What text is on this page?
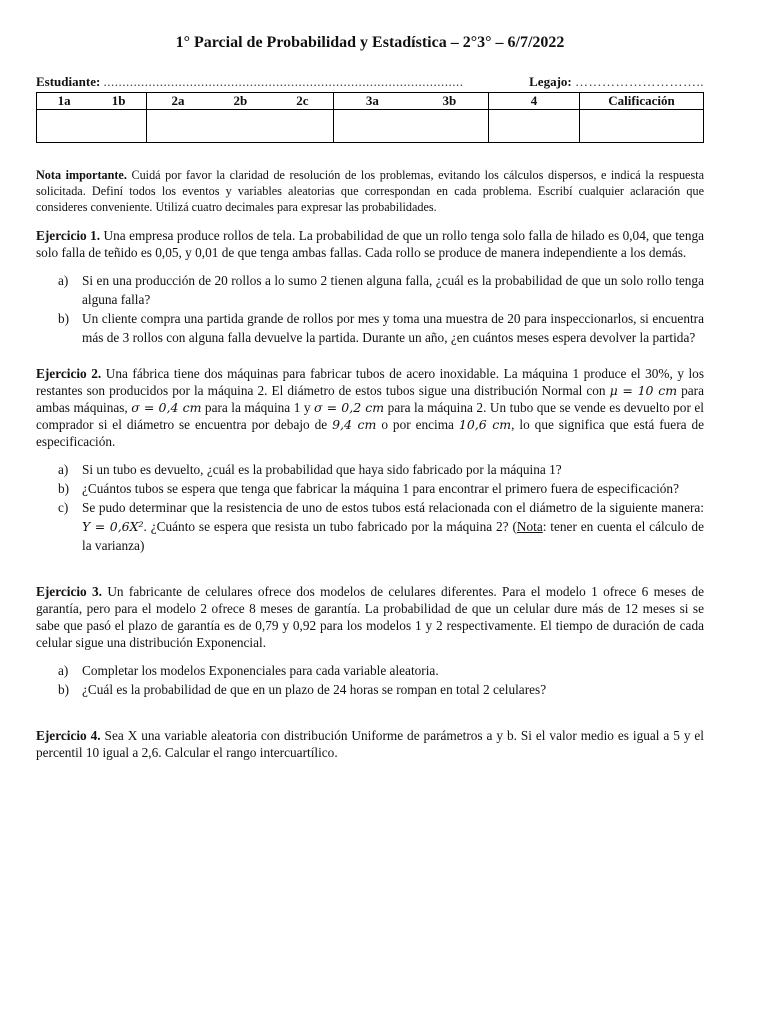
1° Parcial de Probabilidad y Estadística – 2°3° – 6/7/2022
Estudiante: ................................................................................................	Legajo: ………………………..
1a 1b	2a 2b 2c	3a 3b	4	Calificación

Nota importante. Cuidá por favor la claridad de resolución de los problemas, evitando los cálculos dispersos, e indicá la respuesta solicitada. Definí todos los eventos y variables aleatorias que correspondan en cada problema. Escribí cualquier aclaración que consideres conveniente. Utilizá cuatro decimales para expresar las probabilidades.

Ejercicio 1. Una empresa produce rollos de tela. La probabilidad de que un rollo tenga solo falla de hilado es 0,04, que tenga solo falla de teñido es 0,05, y 0,01 de que tenga ambas fallas. Cada rollo se produce de manera independiente a los demás.

a)	Si en una producción de 20 rollos a lo sumo 2 tienen alguna falla, ¿cuál es la probabilidad de que un solo rollo tenga alguna falla?
b) Un cliente compra una partida grande de rollos por mes y toma una muestra de 20 para inspeccionarlos, si encuentra más de 3 rollos con alguna falla devuelve la partida. Durante un año, ¿en cuántos meses espera devolver la partida?

Ejercicio 2. Una fábrica tiene dos máquinas para fabricar tubos de acero inoxidable. La máquina 1 produce el 30%, y los restantes son producidos por la máquina 2. El diámetro de estos tubos sigue una distribución Normal con μ = 10 cm para ambas máquinas, σ = 0,4 cm para la máquina 1 y σ = 0,2 cm para la máquina 2. Un tubo que se vende es devuelto por el comprador si el diámetro se encuentra por debajo de 9,4 cm o por encima 10,6 cm, lo que significa que está fuera de especificación.

a)	Si un tubo es devuelto, ¿cuál es la probabilidad que haya sido fabricado por la máquina 1?
b) ¿Cuántos tubos se espera que tenga que fabricar la máquina 1 para encontrar el primero fuera de especificación?
c)	Se pudo determinar que la resistencia de uno de estos tubos está relacionada con el diámetro de la siguiente manera: Y = 0,6X². ¿Cuánto se espera que resista un tubo fabricado por la máquina 2? (Nota: tener en cuenta el cálculo de la varianza)

Ejercicio 3. Un fabricante de celulares ofrece dos modelos de celulares diferentes. Para el modelo 1 ofrece 6 meses de garantía, pero para el modelo 2 ofrece 8 meses de garantía. La probabilidad de que un celular dure más de 12 meses si se sabe que pasó el plazo de garantía es de 0,79 y 0,92 para los modelos 1 y 2 respectivamente. El tiempo de duración de cada celular sigue una distribución Exponencial.

a)	Completar los modelos Exponenciales para cada variable aleatoria.
b) ¿Cuál es la probabilidad de que en un plazo de 24 horas se rompan en total 2 celulares?

Ejercicio 4. Sea X una variable aleatoria con distribución Uniforme de parámetros a y b. Si el valor medio es igual a 5 y el percentil 10 igual a 2,6. Calcular el rango intercuartílico.
